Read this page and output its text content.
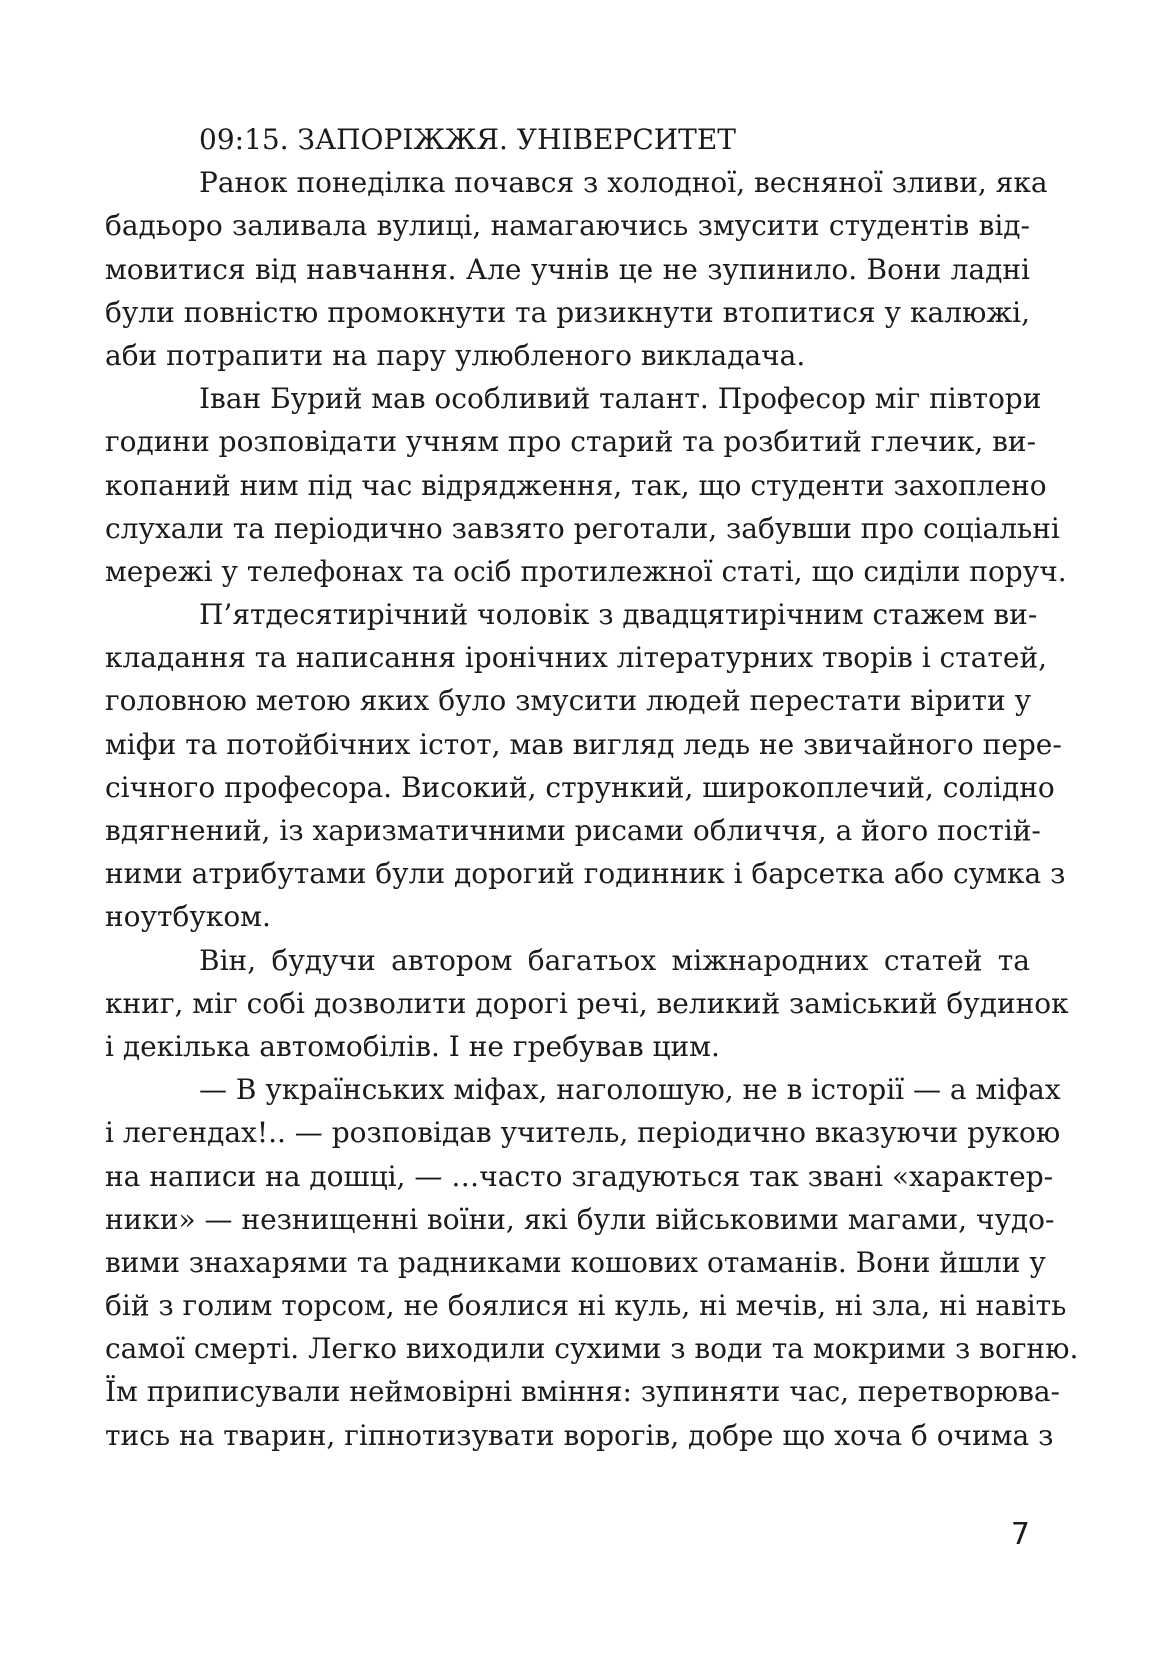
09:15. ЗАПОРІЖЖЯ. УНІВЕРСИТЕТ
Ранок понеділка почався з холодної, весняної зливи, яка
бадьоро заливала вулиці, намагаючись змусити студентів від-
мовитися від навчання. Але учнів це не зупинило. Вони ладні
були повністю промокнути та ризикнути втопитися у калюжі,
аби потрапити на пару улюбленого викладача.
Іван Бурий мав особливий талант. Професор міг півтори
години розповідати учням про старий та розбитий глечик, ви-
копаний ним під час відрядження, так, що студенти захоплено
слухали та періодично завзято реготали, забувши про соціальні
мережі у телефонах та осіб протилежної статі, що сиділи поруч.
П’ятдесятирічний чоловік з двадцятирічним стажем ви-
кладання та написання іронічних літературних творів і статей,
головною метою яких було змусити людей перестати вірити у
міфи та потойбічних істот, мав вигляд ледь не звичайного пере-
січного професора. Високий, стрункий, широкоплечий, солідно
вдягнений, із харизматичними рисами обличчя, а його постій-
ними атрибутами були дорогий годинник і барсетка або сумка з
ноутбуком.
Він, будучи автором багатьох міжнародних статей та
книг, міг собі дозволити дорогі речі, великий заміський будинок
і декілька автомобілів. І не гребував цим.
— В українських міфах, наголошую, не в історії — а міфах
і легендах!.. — розповідав учитель, періодично вказуючи рукою
на написи на дошці, — …часто згадуються так звані «характер-
ники» — незнищенні воїни, які були військовими магами, чудо-
вими знахарями та радниками кошових отаманів. Вони йшли у
бій з голим торсом, не боялися ні куль, ні мечів, ні зла, ні навіть
самої смерті. Легко виходили сухими з води та мокрими з вогню.
Їм приписували неймовірні вміння: зупиняти час, перетворюва-
тись на тварин, гіпнотизувати ворогів, добре що хоча б очима з
7
